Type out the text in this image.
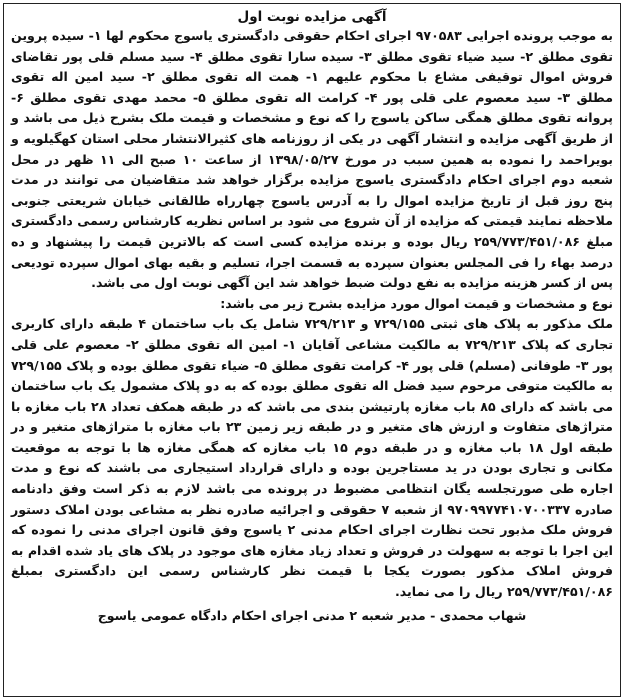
آگهی مزایده نوبت اول

به موجب پرونده اجرایی ۹۷۰۵۸۳ اجرای احکام حقوقی دادگستری یاسوج محکوم لها ۱- سیده پروین تقوی مطلق ۲- سید ضیاء تقوی مطلق ۳- سیده سارا تقوی مطلق ۴- سید مسلم قلی پور تقاضای فروش اموال توقیفی مشاع با محکوم علیهم ۱- همت اله تقوی مطلق ۲- سید امین اله تقوی مطلق ۳- سید معصوم علی قلی پور ۴- کرامت اله تقوی مطلق ۵- محمد مهدی تقوی مطلق ۶- پروانه تقوی مطلق همگی ساکن یاسوج را که نوع و مشخصات و قیمت ملک بشرح ذیل می باشد و از طریق آگهی مزایده و انتشار آگهی در یکی از روزنامه های کثیرالانتشار محلی استان کهگیلویه و بویراحمد را نموده به همین سبب در مورخ ۱۳۹۸/۰۵/۲۷ از ساعت ۱۰ صبح الی ۱۱ ظهر در محل شعبه دوم اجرای احکام دادگستری یاسوج مزایده برگزار خواهد شد متقاضیان می توانند در مدت پنج روز قبل از تاریخ مزایده اموال را به آدرس یاسوج چهارراه طالقانی خیابان شریعتی جنوبی ملاحظه نمایند قیمتی که مزایده از آن شروع می شود بر اساس نظریه کارشناس رسمی دادگستری مبلغ ۲۵۹/۷۷۳/۴۵۱/۰۸۶ ریال بوده و برنده مزایده کسی است که بالاترین قیمت را پیشنهاد و ده درصد بهاء را فی المجلس بعنوان سپرده به قسمت اجرا، تسلیم و بقیه بهای اموال سپرده تودیعی پس از کسر هزینه مزایده به نفع دولت ضبط خواهد شد این آگهی نوبت اول می باشد.

نوع و مشخصات و قیمت اموال مورد مزایده بشرح زیر می باشد:

ملک مذکور به پلاک های ثبتی ۷۲۹/۱۵۵ و ۷۲۹/۲۱۳ شامل یک باب ساختمان ۴ طبقه دارای کاربری تجاری که پلاک ۷۲۹/۲۱۳ به مالکیت مشاعی آقایان ۱- امین اله تقوی مطلق ۲- معصوم علی قلی پور ۳- طوفانی (مسلم) قلی پور ۴- کرامت تقوی مطلق ۵- ضیاء تقوی مطلق بوده و پلاک ۷۲۹/۱۵۵ به مالکیت متوفی مرحوم سید فضل اله تقوی مطلق بوده که به دو پلاک مشمول یک باب ساختمان می باشد که دارای ۸۵ باب مغازه پارتیشن بندی می باشد که در طبقه همکف تعداد ۲۸ باب مغازه با متراژهای متفاوت و ارزش های متغیر و در طبقه زیر زمین ۲۳ باب مغازه با متراژهای متغیر و در طبقه اول ۱۸ باب مغازه و در طبقه دوم ۱۵ باب مغازه که همگی مغازه ها با توجه به موقعیت مکانی و تجاری بودن در ید مستاجرین بوده و دارای قرارداد استیجاری می باشند که نوع و مدت اجاره طی صورتجلسه یگان انتظامی مضبوط در پرونده می باشد لازم به ذکر است وفق دادنامه صادره ۹۷۰۹۹۷۷۴۱۰۷۰۰۳۳۷ از شعبه ۷ حقوقی و اجرائیه صادره نظر به مشاعی بودن املاک دستور فروش ملک مذبور تحت نظارت اجرای احکام مدنی ۲ یاسوج وفق قانون اجرای مدنی را نموده که این اجرا با توجه به سهولت در فروش و تعداد زیاد مغازه های موجود در پلاک های یاد شده اقدام به فروش املاک مذکور بصورت یکجا با قیمت نظر کارشناس رسمی این دادگستری بمبلغ ۲۵۹/۷۷۳/۴۵۱/۰۸۶ ریال را می نماید.

شهاب محمدی - مدیر شعبه ۲ مدنی اجرای احکام دادگاه عمومی یاسوج
